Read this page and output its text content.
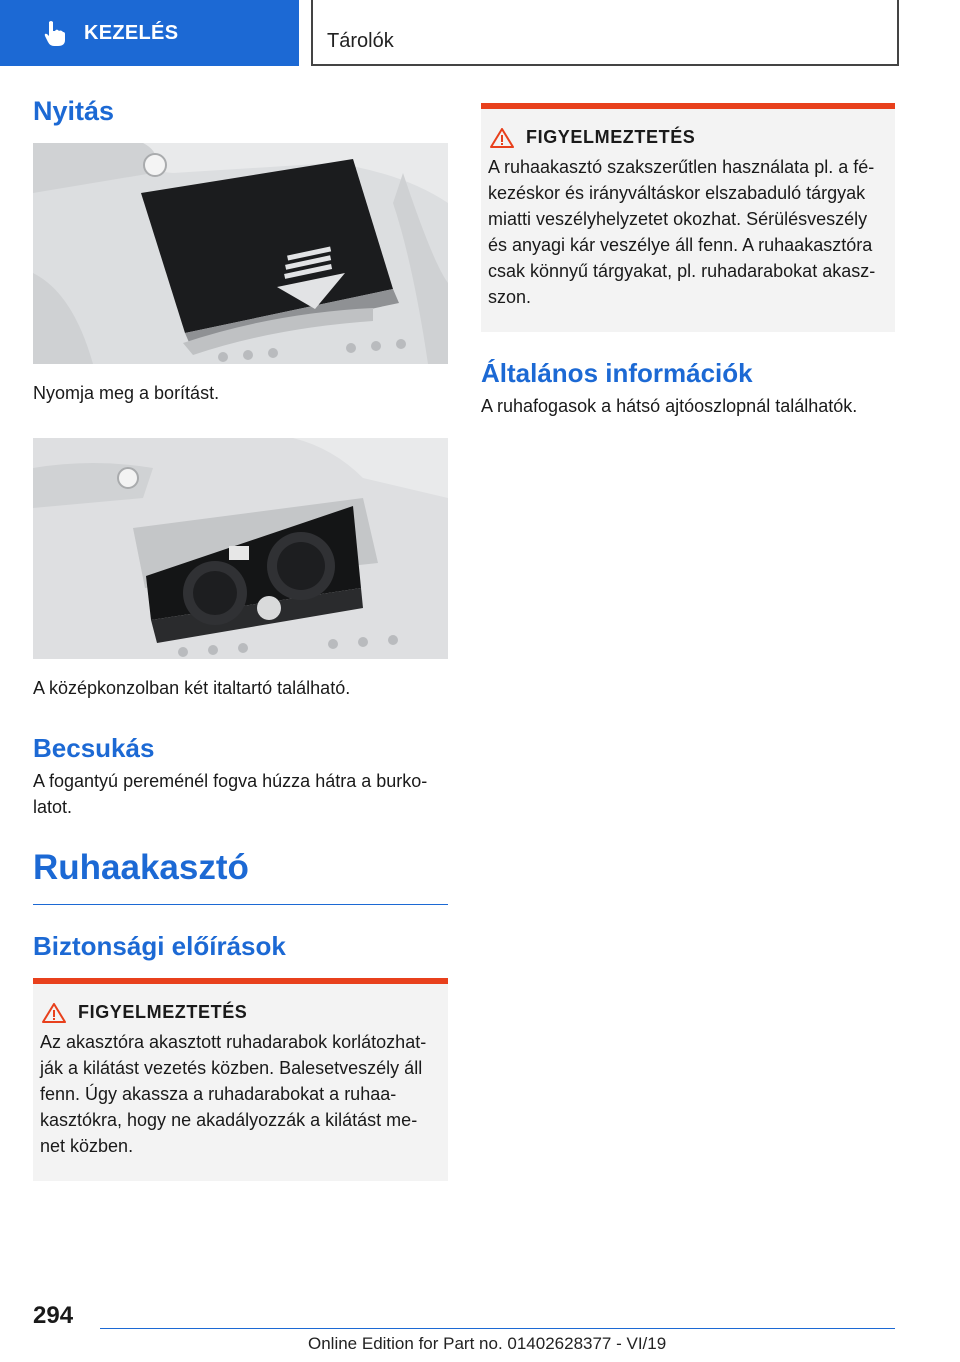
KEZELÉS	Tárolók
Nyitás

Nyomja meg a borítást.

A középkonzolban két italtartó található.

Becsukás

A fogantyú pereménél fogva húzza hátra a burko-latot.

Ruhaakasztó
Biztonsági előírások
FIGYELMEZTETÉS

Az akasztóra akasztott ruhadarabok korlátozhat-ják a kilátást vezetés közben. Balesetveszély áll fenn. Úgy akassza a ruhadarabokat a ruhaa-kasztókra, hogy ne akadályozzák a kilátást me-net közben.

FIGYELMEZTETÉS

A ruhaakasztó szakszerűtlen használata pl. a fé-kezéskor és irányváltáskor elszabaduló tárgyak miatti veszélyhelyzetet okozhat. Sérülésveszély és anyagi kár veszélye áll fenn. A ruhaakasztóra csak könnyű tárgyakat, pl. ruhadarabokat akasz-szon.

Általános információk

A ruhafogasok a hátsó ajtóoszlopnál találhatók.

294
Online Edition for Part no. 01402628377 - VI/19
